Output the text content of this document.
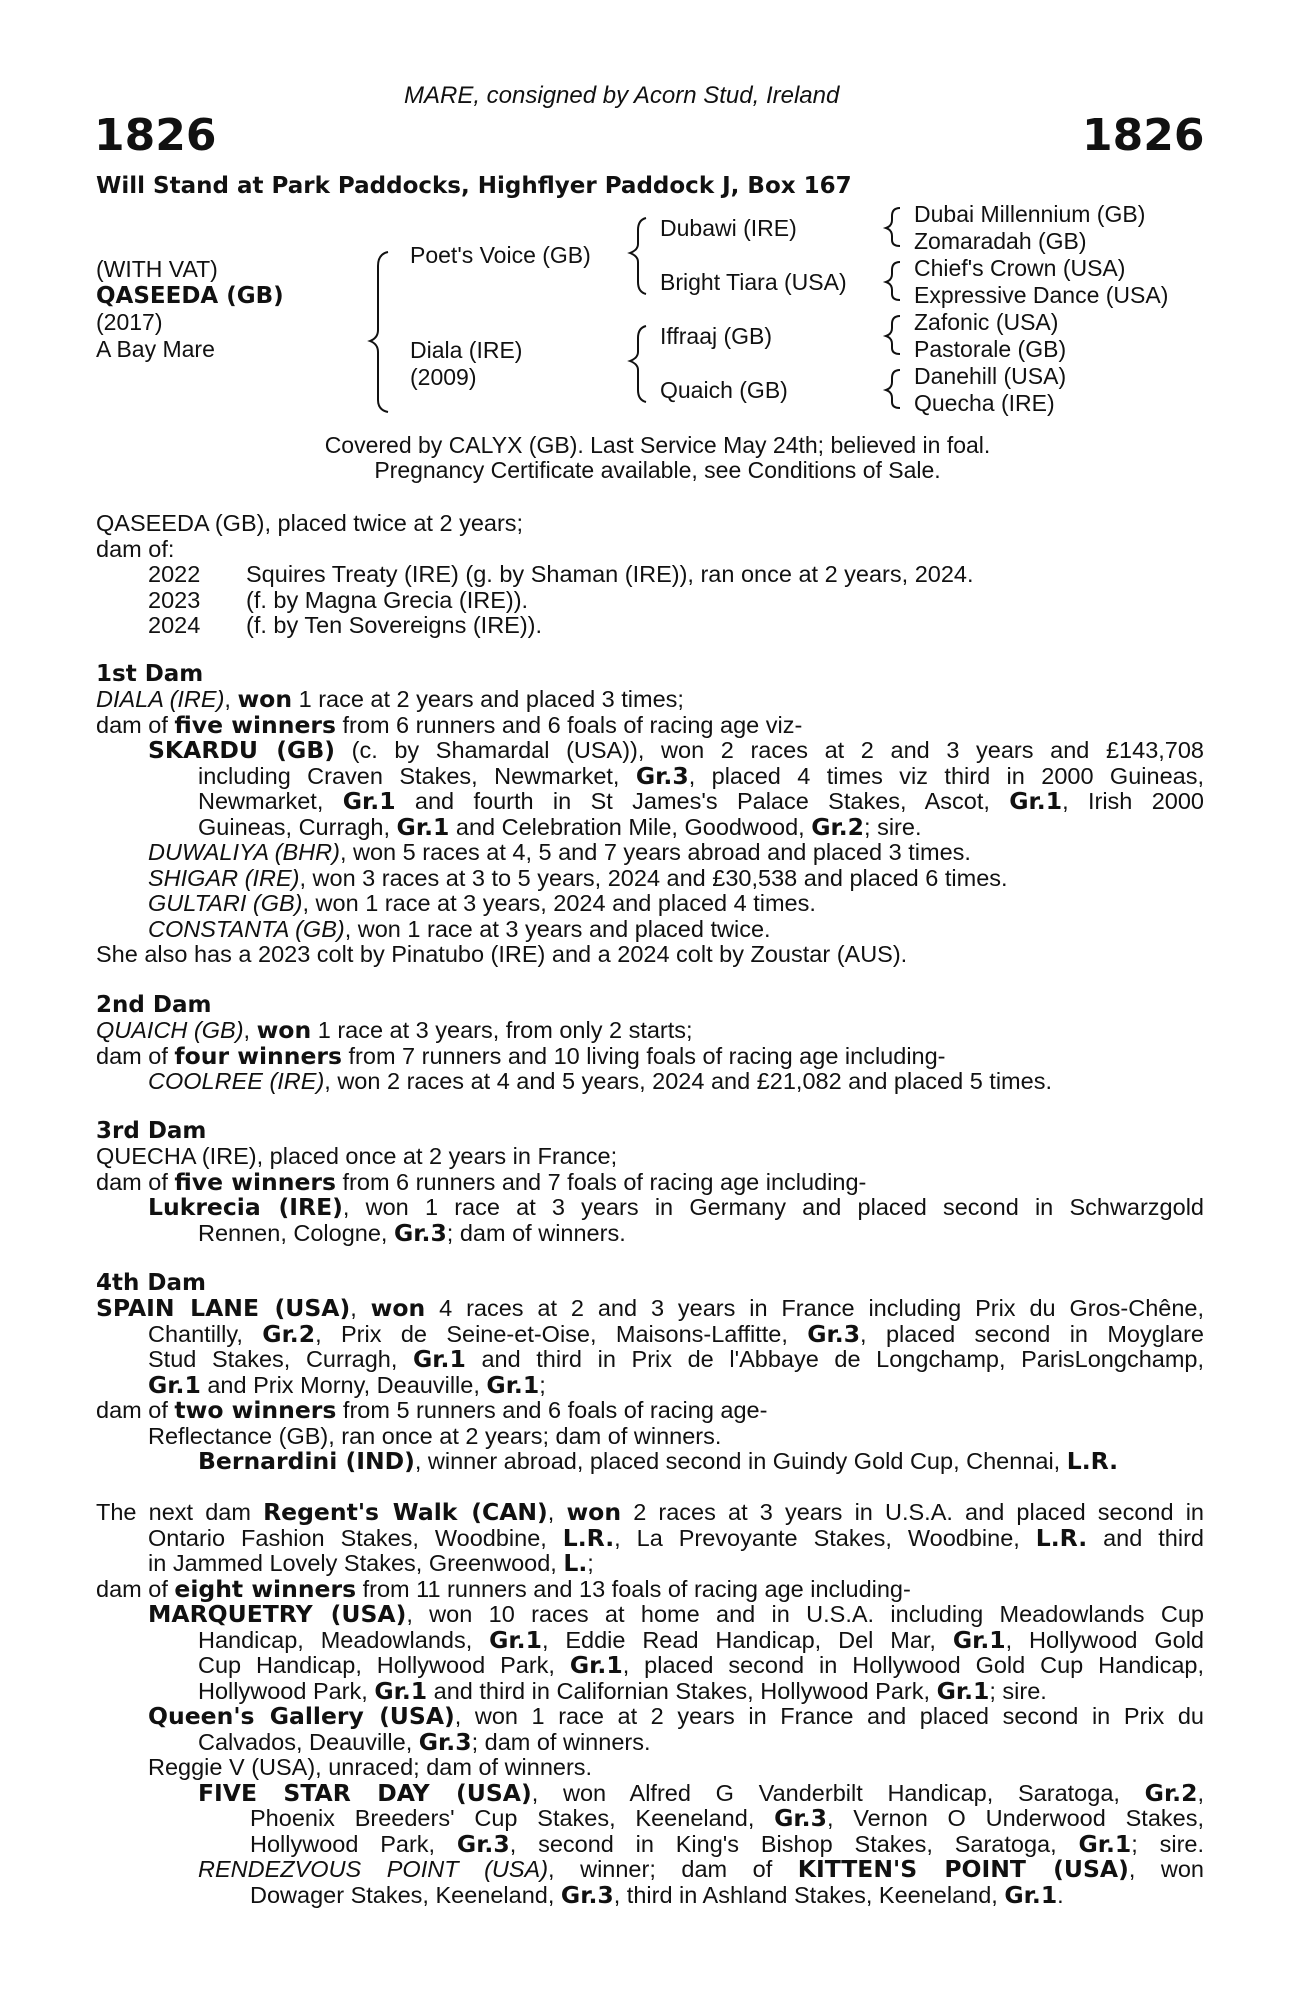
MARE, consigned by Acorn Stud, Ireland
1826	1826
Will Stand at Park Paddocks, Highflyer Paddock J, Box 167
(WITH VAT)
QASEEDA (GB)
(2017)
A Bay Mare
Poet's Voice (GB)
Diala (IRE)
(2009)
Dubawi (IRE)
Bright Tiara (USA)
Iffraaj (GB)
Quaich (GB)
Dubai Millennium (GB)
Zomaradah (GB)
Chief's Crown (USA)
Expressive Dance (USA)
Zafonic (USA)
Pastorale (GB)
Danehill (USA)
Quecha (IRE)
Covered by CALYX (GB). Last Service May 24th; believed in foal.
Pregnancy Certificate available, see Conditions of Sale.
QASEEDA (GB), placed twice at 2 years;
dam of:
2022 Squires Treaty (IRE) (g. by Shaman (IRE)), ran once at 2 years, 2024.
2023 (f. by Magna Grecia (IRE)).
2024 (f. by Ten Sovereigns (IRE)).
1st Dam
DIALA (IRE), won 1 race at 2 years and placed 3 times;
dam of five winners from 6 runners and 6 foals of racing age viz-
SKARDU (GB) (c. by Shamardal (USA)), won 2 races at 2 and 3 years and £143,708
including Craven Stakes, Newmarket, Gr.3, placed 4 times viz third in 2000 Guineas,
Newmarket, Gr.1 and fourth in St James's Palace Stakes, Ascot, Gr.1, Irish 2000
Guineas, Curragh, Gr.1 and Celebration Mile, Goodwood, Gr.2; sire.
DUWALIYA (BHR), won 5 races at 4, 5 and 7 years abroad and placed 3 times.
SHIGAR (IRE), won 3 races at 3 to 5 years, 2024 and £30,538 and placed 6 times.
GULTARI (GB), won 1 race at 3 years, 2024 and placed 4 times.
CONSTANTA (GB), won 1 race at 3 years and placed twice.
She also has a 2023 colt by Pinatubo (IRE) and a 2024 colt by Zoustar (AUS).
2nd Dam
QUAICH (GB), won 1 race at 3 years, from only 2 starts;
dam of four winners from 7 runners and 10 living foals of racing age including-
COOLREE (IRE), won 2 races at 4 and 5 years, 2024 and £21,082 and placed 5 times.
3rd Dam
QUECHA (IRE), placed once at 2 years in France;
dam of five winners from 6 runners and 7 foals of racing age including-
Lukrecia (IRE), won 1 race at 3 years in Germany and placed second in Schwarzgold
Rennen, Cologne, Gr.3; dam of winners.
4th Dam
SPAIN LANE (USA), won 4 races at 2 and 3 years in France including Prix du Gros-Chêne,
Chantilly, Gr.2, Prix de Seine-et-Oise, Maisons-Laffitte, Gr.3, placed second in Moyglare
Stud Stakes, Curragh, Gr.1 and third in Prix de l'Abbaye de Longchamp, ParisLongchamp,
Gr.1 and Prix Morny, Deauville, Gr.1;
dam of two winners from 5 runners and 6 foals of racing age-
Reflectance (GB), ran once at 2 years; dam of winners.
Bernardini (IND), winner abroad, placed second in Guindy Gold Cup, Chennai, L.R.
The next dam Regent's Walk (CAN), won 2 races at 3 years in U.S.A. and placed second in
Ontario Fashion Stakes, Woodbine, L.R., La Prevoyante Stakes, Woodbine, L.R. and third
in Jammed Lovely Stakes, Greenwood, L.;
dam of eight winners from 11 runners and 13 foals of racing age including-
MARQUETRY (USA), won 10 races at home and in U.S.A. including Meadowlands Cup
Handicap, Meadowlands, Gr.1, Eddie Read Handicap, Del Mar, Gr.1, Hollywood Gold
Cup Handicap, Hollywood Park, Gr.1, placed second in Hollywood Gold Cup Handicap,
Hollywood Park, Gr.1 and third in Californian Stakes, Hollywood Park, Gr.1; sire.
Queen's Gallery (USA), won 1 race at 2 years in France and placed second in Prix du
Calvados, Deauville, Gr.3; dam of winners.
Reggie V (USA), unraced; dam of winners.
FIVE STAR DAY (USA), won Alfred G Vanderbilt Handicap, Saratoga, Gr.2,
Phoenix Breeders' Cup Stakes, Keeneland, Gr.3, Vernon O Underwood Stakes,
Hollywood Park, Gr.3, second in King's Bishop Stakes, Saratoga, Gr.1; sire.
RENDEZVOUS POINT (USA), winner; dam of KITTEN'S POINT (USA), won
Dowager Stakes, Keeneland, Gr.3, third in Ashland Stakes, Keeneland, Gr.1.
